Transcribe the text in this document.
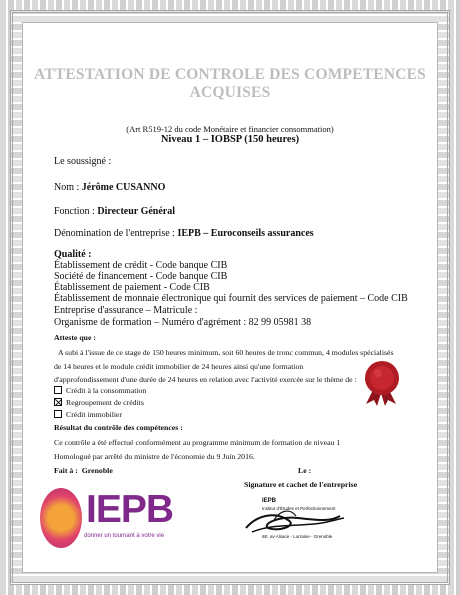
ATTESTATION DE CONTROLE DES COMPETENCES ACQUISES
(Art R519-12 du code Monétaire et financier consommation)
Niveau 1 – IOBSP (150 heures)
Le soussigné :
Nom : Jérôme CUSANNO
Fonction : Directeur Général
Dénomination de l'entreprise : IEPB – Euroconseils assurances
Qualité :
Établissement de crédit - Code banque CIB
Société de financement - Code banque CIB
Établissement de paiement - Code CIB
Établissement de monnaie électronique qui fournit des services de paiement – Code CIB
Entreprise d'assurance – Matricule :
Organisme de formation – Numéro d'agrément : 82 99 05981 38
Atteste que :
A subi à l'issue de ce stage de 150 heures minimum, soit 60 heures de tronc commun, 4 modules spécialisés
de 14 heures et le module crédit immobilier de 24 heures ainsi qu'une formation
d'approfondissement d'une durée de 24 heures en relation avec l'activité exercée sur le thème de :
Crédit à la consommation
Regroupement de crédits
Crédit immobilier
Résultat du contrôle des compétences :
Ce contrôle a été effectué conformément au programme minimum de formation de niveau 1
Homologué par arrêté du ministre de l'économie du 9 Juin 2016.
Fait à : Grenoble	Le :
Signature et cachet de l'entreprise
IEPB
donner un tournant à votre vie
IEPB
Institut d'Études et Perfectionnement
6E, av Alsace - Lorraine - Grenoble
